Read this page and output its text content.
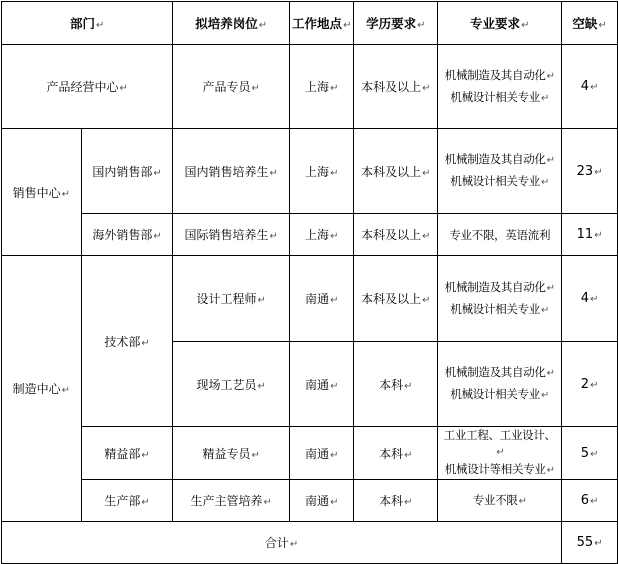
部门↵		拟培养岗位↵	工作地点↵	学历要求↵	专业要求↵	空缺↵
产品经营中心↵		产品专员↵	上海↵	本科及以上↵	机械制造及其自动化↵
机械设计相关专业↵	4↵
销售中心↵	国内销售部↵	国内销售培养生↵	上海↵	本科及以上↵	机械制造及其自动化↵
机械设计相关专业↵	23↵
	海外销售部↵	国际销售培养生↵	上海↵	本科及以上↵	专业不限，英语流利	11↵
制造中心↵	技术部↵	设计工程师↵	南通↵	本科及以上↵	机械制造及其自动化↵
机械设计相关专业↵	4↵
		现场工艺员↵	南通↵	本科↵	机械制造及其自动化↵
机械设计相关专业↵	2↵
	精益部↵	精益专员↵	南通↵	本科↵	工业工程、工业设计、↵
机械设计等相关专业↵	5↵
	生产部↵	生产主管培养↵	南通↵	本科↵	专业不限↵	6↵
合计↵						55↵
